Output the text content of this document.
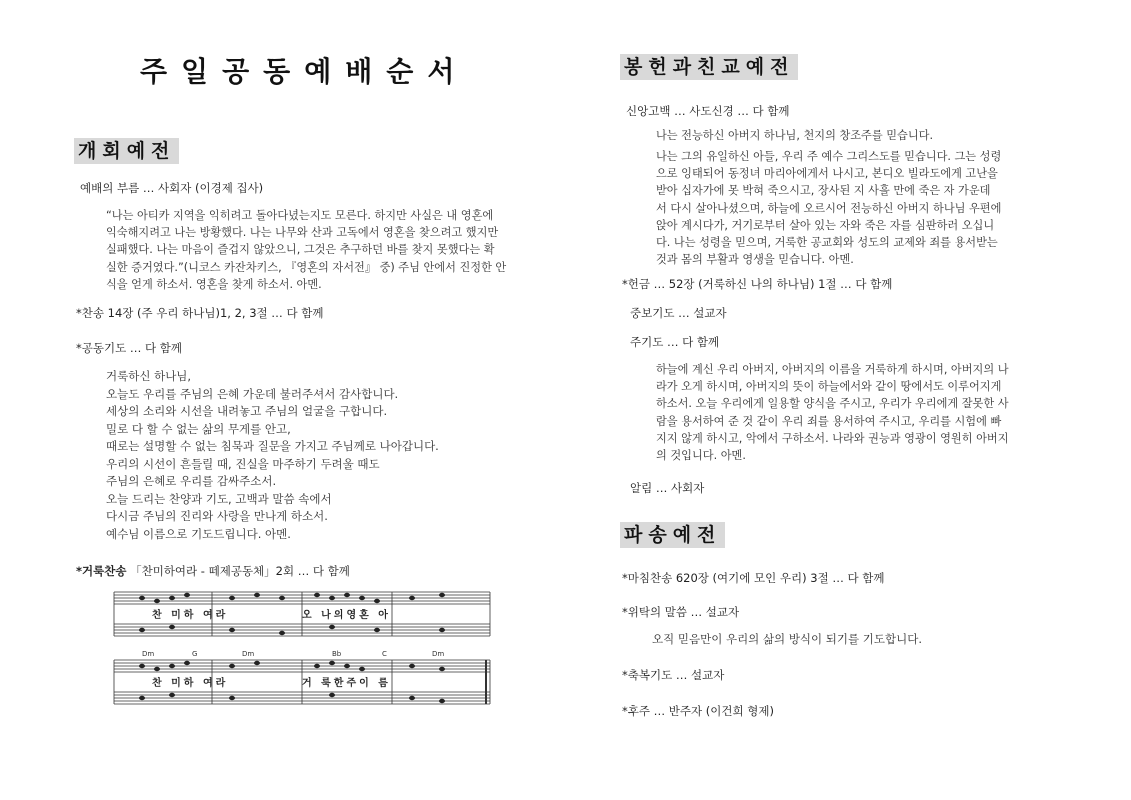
주일공동예배순서
개회예전
예배의 부름 … 사회자 (이경제 집사)

“나는 아티카 지역을 익히려고 돌아다녔는지도 모른다. 하지만 사실은 내 영혼에

익숙해지려고 나는 방황했다. 나는 나무와 산과 고독에서 영혼을 찾으려고 했지만

실패했다. 나는 마음이 즐겁지 않았으니, 그것은 추구하던 바를 찾지 못했다는 확

실한 증거였다.”(니코스 카잔차키스, 『영혼의 자서전』 중) 주님 안에서 진정한 안

식을 얻게 하소서. 영혼을 찾게 하소서. 아멘.

*찬송 14장 (주 우리 하나님)1, 2, 3절 … 다 함께
*공동기도 … 다 함께
거룩하신 하나님,
오늘도 우리를 주님의 은혜 가운데 불러주셔서 감사합니다.
세상의 소리와 시선을 내려놓고 주님의 얼굴을 구합니다.
밀로 다 할 수 없는 삶의 무게를 안고,
때로는 설명할 수 없는 침묵과 질문을 가지고 주님께로 나아갑니다.
우리의 시선이 흔들릴 때, 진실을 마주하기 두려울 때도
주님의 은혜로 우리를 감싸주소서.
오늘 드리는 찬양과 기도, 고백과 말씀 속에서
다시금 주님의 진리와 사랑을 만나게 하소서.
예수님 이름으로 기도드립니다. 아멘.
*거룩찬송 「찬미하여라 - 떼제공동체」2회 … 다 함께
Dm	G	Dm	Bb	C	Dm
찬 미하 여라	오 나의영혼 아
찬 미하 여라	거 룩한주이 름
봉헌과친교예전
신앙고백 … 사도신경 … 다 함께
나는 전능하신 아버지 하나님, 천지의 창조주를 믿습니다.

나는 그의 유일하신 아들, 우리 주 예수 그리스도를 믿습니다. 그는 성령

으로 잉태되어 동정녀 마리아에게서 나시고, 본디오 빌라도에게 고난을

받아 십자가에 못 박혀 죽으시고, 장사된 지 사흘 만에 죽은 자 가운데

서 다시 살아나셨으며, 하늘에 오르시어 전능하신 아버지 하나님 우편에

앉아 계시다가, 거기로부터 살아 있는 자와 죽은 자를 심판하러 오십니

다. 나는 성령을 믿으며, 거룩한 공교회와 성도의 교제와 죄를 용서받는

것과 몸의 부활과 영생을 믿습니다. 아멘.

*헌금 … 52장 (거룩하신 나의 하나님) 1절 … 다 함께
중보기도 … 설교자
주기도 … 다 함께

하늘에 계신 우리 아버지, 아버지의 이름을 거룩하게 하시며, 아버지의 나

라가 오게 하시며, 아버지의 뜻이 하늘에서와 같이 땅에서도 이루어지게

하소서. 오늘 우리에게 일용할 양식을 주시고, 우리가 우리에게 잘못한 사

람을 용서하여 준 것 같이 우리 죄를 용서하여 주시고, 우리를 시험에 빠

지지 않게 하시고, 악에서 구하소서. 나라와 권능과 영광이 영원히 아버지

의 것입니다. 아멘.

알림 … 사회자
파송예전
*마침찬송 620장 (여기에 모인 우리) 3절 … 다 함께
*위탁의 말씀 … 설교자
오직 믿음만이 우리의 삶의 방식이 되기를 기도합니다.
*축복기도 … 설교자
*후주 … 반주자 (이건희 형제)
